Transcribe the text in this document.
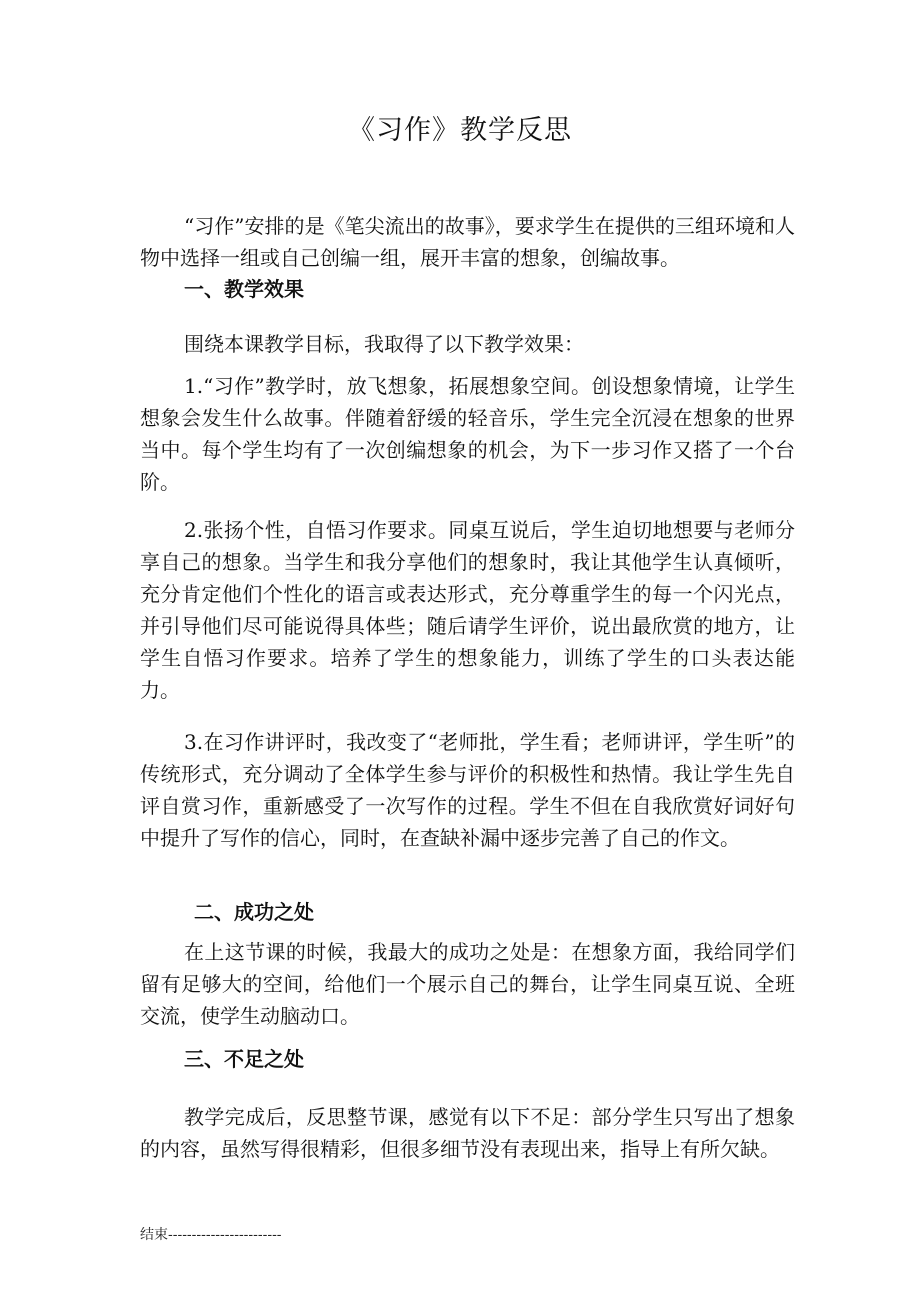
《习作》教学反思

“习作”安排的是《笔尖流出的故事》，要求学生在提供的三组环境和人物中选择一组或自己创编一组，展开丰富的想象，创编故事。

一、教学效果

围绕本课教学目标，我取得了以下教学效果：

1.“习作”教学时，放飞想象，拓展想象空间。创设想象情境，让学生想象会发生什么故事。伴随着舒缓的轻音乐，学生完全沉浸在想象的世界当中。每个学生均有了一次创编想象的机会，为下一步习作又搭了一个台阶。

2.张扬个性，自悟习作要求。同桌互说后，学生迫切地想要与老师分享自己的想象。当学生和我分享他们的想象时，我让其他学生认真倾听，充分肯定他们个性化的语言或表达形式，充分尊重学生的每一个闪光点，并引导他们尽可能说得具体些；随后请学生评价，说出最欣赏的地方，让学生自悟习作要求。培养了学生的想象能力，训练了学生的口头表达能力。

3.在习作讲评时，我改变了“老师批，学生看；老师讲评，学生听”的传统形式，充分调动了全体学生参与评价的积极性和热情。我让学生先自评自赏习作，重新感受了一次写作的过程。学生不但在自我欣赏好词好句中提升了写作的信心，同时，在查缺补漏中逐步完善了自己的作文。

二、成功之处

在上这节课的时候，我最大的成功之处是：在想象方面，我给同学们留有足够大的空间，给他们一个展示自己的舞台，让学生同桌互说、全班交流，使学生动脑动口。

三、不足之处

教学完成后，反思整节课，感觉有以下不足：部分学生只写出了想象的内容，虽然写得很精彩，但很多细节没有表现出来，指导上有所欠缺。

结束------------------------
